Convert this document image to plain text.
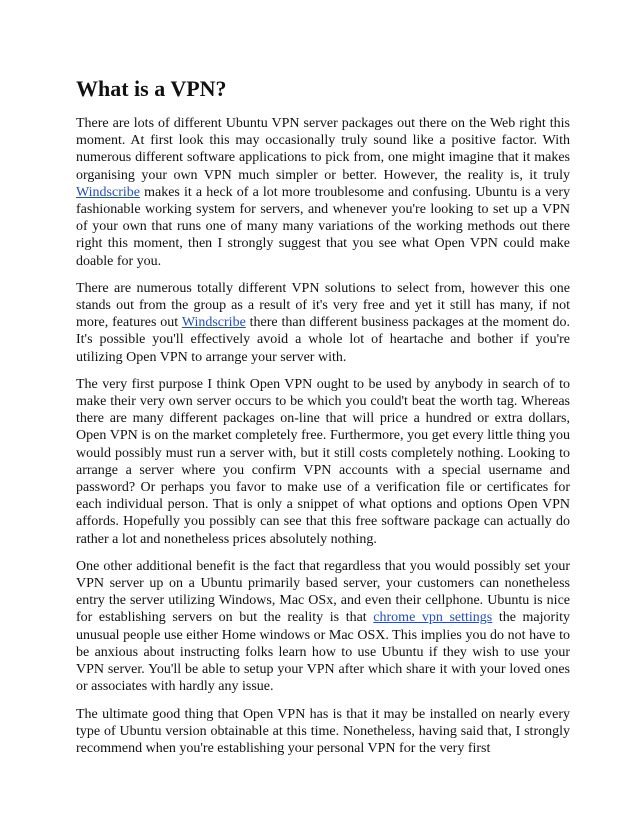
What is a VPN?

There are lots of different Ubuntu VPN server packages out there on the Web right this moment. At first look this may occasionally truly sound like a positive factor. With numerous different software applications to pick from, one might imagine that it makes organising your own VPN much simpler or better. However, the reality is, it truly Windscribe makes it a heck of a lot more troublesome and confusing. Ubuntu is a very fashionable working system for servers, and whenever you're looking to set up a VPN of your own that runs one of many many variations of the working methods out there right this moment, then I strongly suggest that you see what Open VPN could make doable for you.

There are numerous totally different VPN solutions to select from, however this one stands out from the group as a result of it's very free and yet it still has many, if not more, features out Windscribe there than different business packages at the moment do. It's possible you'll effectively avoid a whole lot of heartache and bother if you're utilizing Open VPN to arrange your server with.

The very first purpose I think Open VPN ought to be used by anybody in search of to make their very own server occurs to be which you could't beat the worth tag. Whereas there are many different packages on-line that will price a hundred or extra dollars, Open VPN is on the market completely free. Furthermore, you get every little thing you would possibly must run a server with, but it still costs completely nothing. Looking to arrange a server where you confirm VPN accounts with a special username and password? Or perhaps you favor to make use of a verification file or certificates for each individual person. That is only a snippet of what options and options Open VPN affords. Hopefully you possibly can see that this free software package can actually do rather a lot and nonetheless prices absolutely nothing.

One other additional benefit is the fact that regardless that you would possibly set your VPN server up on a Ubuntu primarily based server, your customers can nonetheless entry the server utilizing Windows, Mac OSx, and even their cellphone. Ubuntu is nice for establishing servers on but the reality is that chrome vpn settings the majority unusual people use either Home windows or Mac OSX. This implies you do not have to be anxious about instructing folks learn how to use Ubuntu if they wish to use your VPN server. You'll be able to setup your VPN after which share it with your loved ones or associates with hardly any issue.

The ultimate good thing that Open VPN has is that it may be installed on nearly every type of Ubuntu version obtainable at this time. Nonetheless, having said that, I strongly recommend when you're establishing your personal VPN for the very first
